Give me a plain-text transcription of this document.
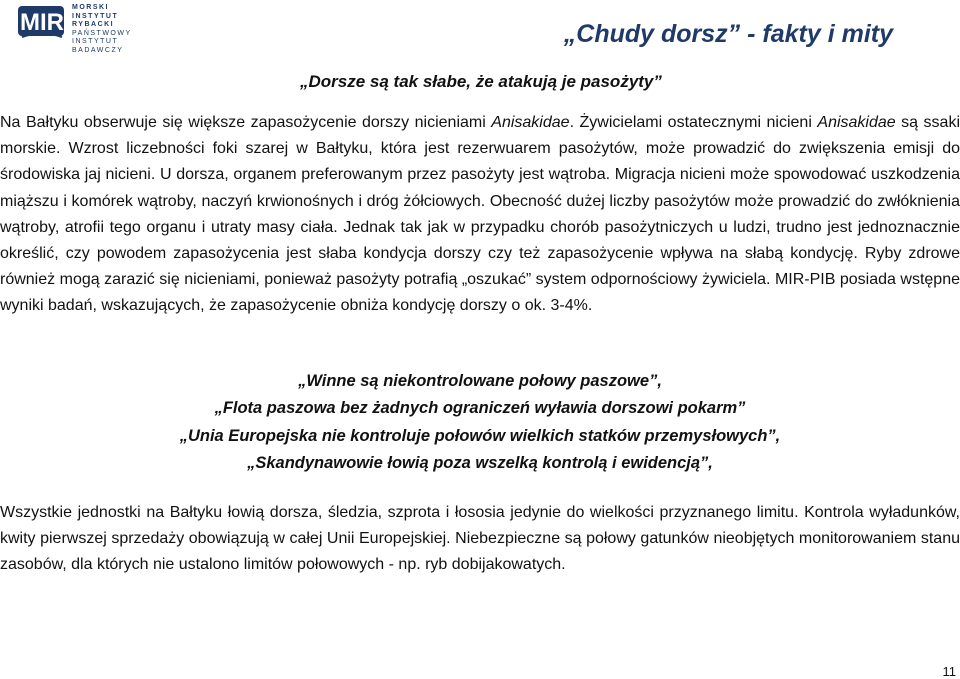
MIR
MORSKI
INSTYTUT
RYBACKI
PAŃSTWOWY
INSTYTUT
BADAWCZY
„Chudy dorsz” - fakty i mity
„Dorsze są tak słabe, że atakują je pasożyty”

Na Bałtyku obserwuje się większe zapasożycenie dorszy nicieniami Anisakidae. Żywicielami ostatecznymi nicieni Anisakidae są ssaki morskie. Wzrost liczebności foki szarej w Bałtyku, która jest rezerwuarem pasożytów, może prowadzić do zwiększenia emisji do środowiska jaj nicieni. U dorsza, organem preferowanym przez pasożyty jest wątroba. Migracja nicieni może spowodować uszkodzenia miąższu i komórek wątroby, naczyń krwionośnych i dróg żółciowych. Obecność dużej liczby pasożytów może prowadzić do zwłóknienia wątroby, atrofii tego organu i utraty masy ciała. Jednak tak jak w przypadku chorób pasożytniczych u ludzi, trudno jest jednoznacznie określić, czy powodem zapasożycenia jest słaba kondycja dorszy czy też zapasożycenie wpływa na słabą kondycję. Ryby zdrowe również mogą zarazić się nicieniami, ponieważ pasożyty potrafią „oszukać” system odpornościowy żywiciela. MIR-PIB posiada wstępne wyniki badań, wskazujących, że zapasożycenie obniża kondycję dorszy o ok. 3-4%.

„Winne są niekontrolowane połowy paszowe”,
„Flota paszowa bez żadnych ograniczeń wyławia dorszowi pokarm”
„Unia Europejska nie kontroluje połowów wielkich statków przemysłowych”,
„Skandynawowie łowią poza wszelką kontrolą i ewidencją”,

Wszystkie jednostki na Bałtyku łowią dorsza, śledzia, szprota i łososia jedynie do wielkości przyznanego limitu. Kontrola wyładunków, kwity pierwszej sprzedaży obowiązują w całej Unii Europejskiej. Niebezpieczne są połowy gatunków nieobjętych monitorowaniem stanu zasobów, dla których nie ustalono limitów połowowych - np. ryb dobijakowatych.

11
